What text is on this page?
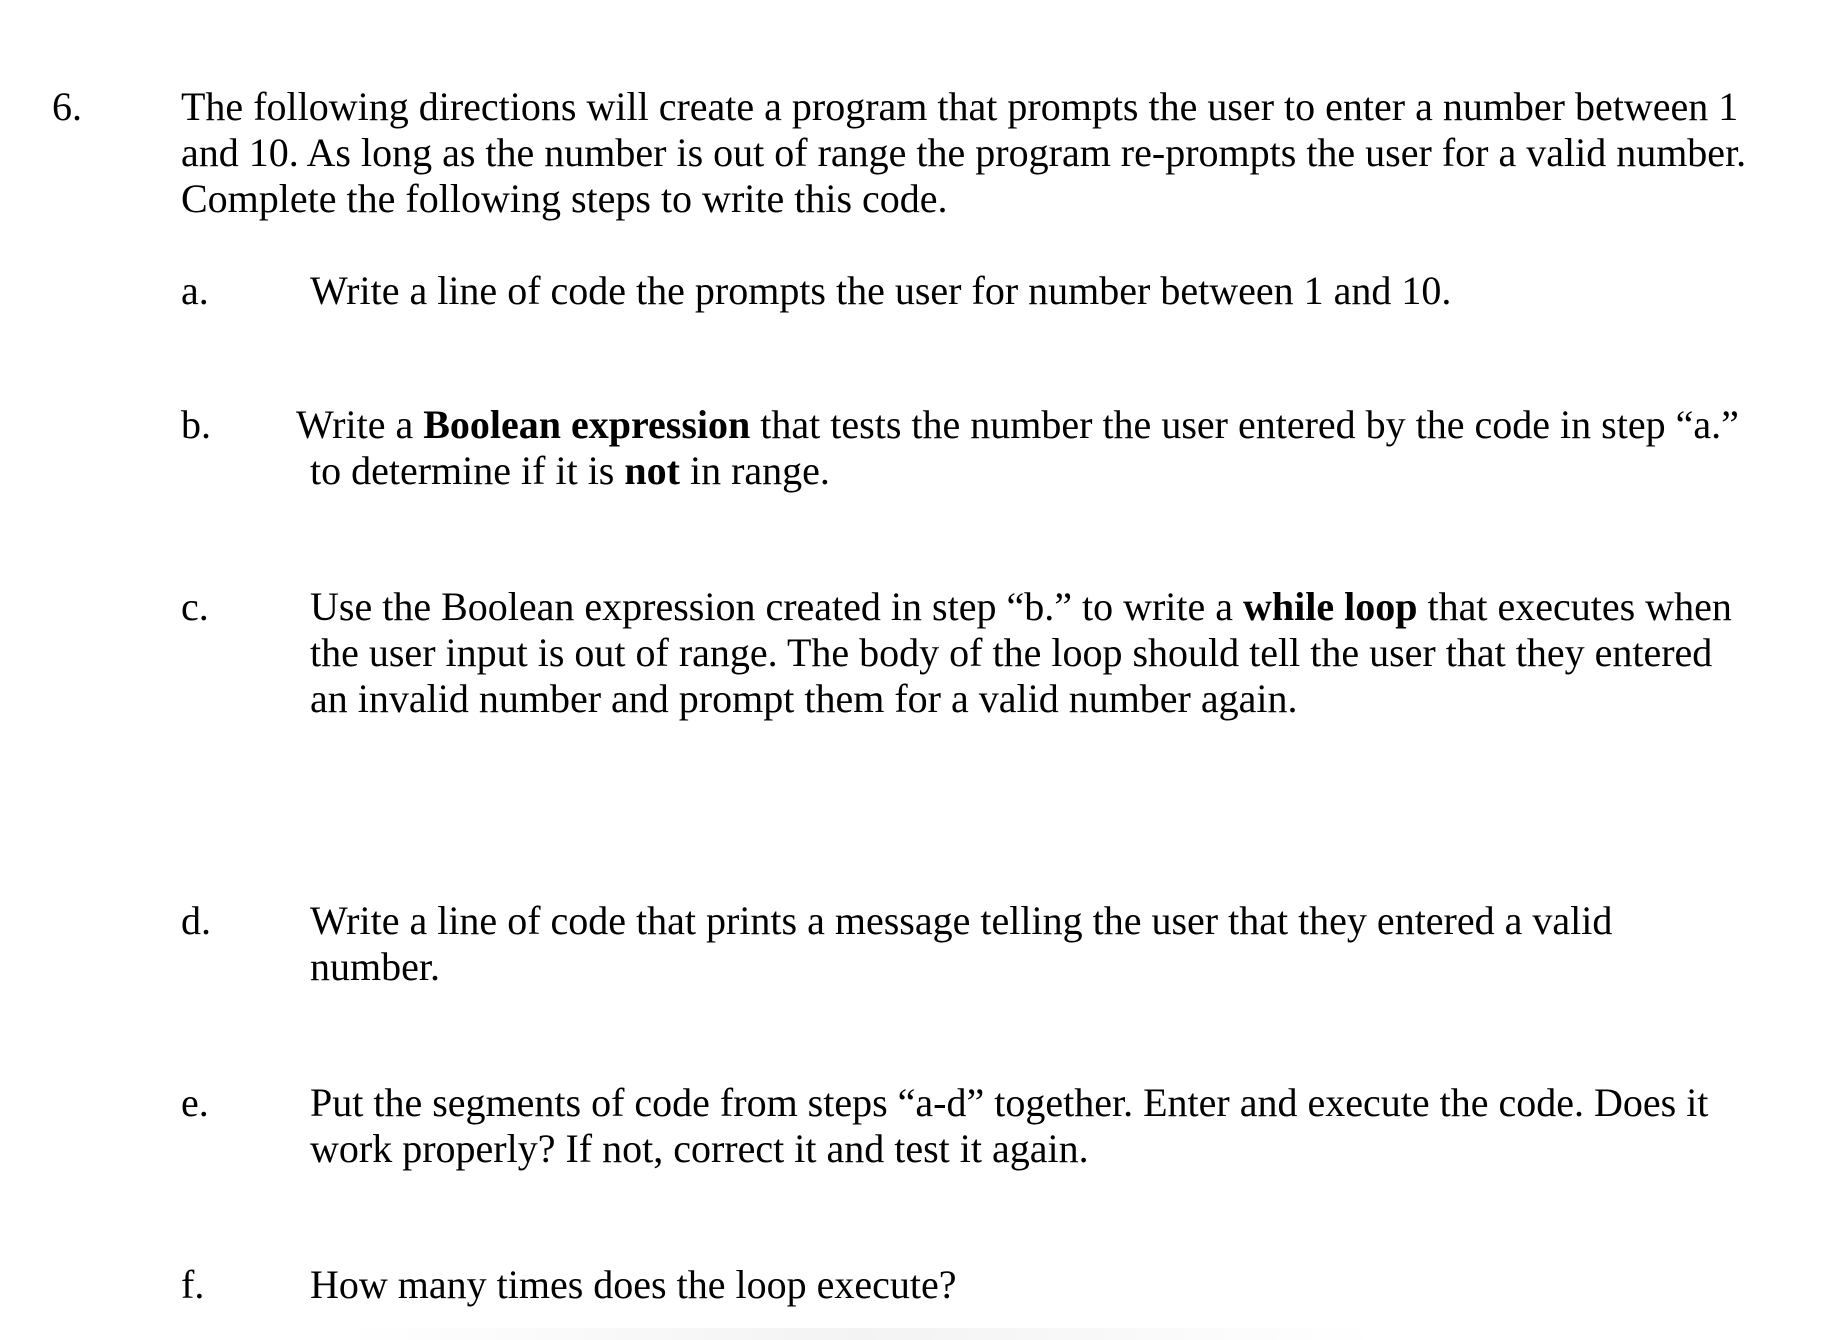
6. The following directions will create a program that prompts the user to enter a number between 1
and 10. As long as the number is out of range the program re-prompts the user for a valid number.
Complete the following steps to write this code.
a.	Write a line of code the prompts the user for number between 1 and 10.
b. Write a Boolean expression that tests the number the user entered by the code in step “a.”
to determine if it is not in range.
c.	Use the Boolean expression created in step “b.” to write a while loop that executes when
the user input is out of range. The body of the loop should tell the user that they entered
an invalid number and prompt them for a valid number again.
d. Write a line of code that prints a message telling the user that they entered a valid
number.
e.	Put the segments of code from steps “a-d” together. Enter and execute the code. Does it
work properly? If not, correct it and test it again.
f.	How many times does the loop execute?
